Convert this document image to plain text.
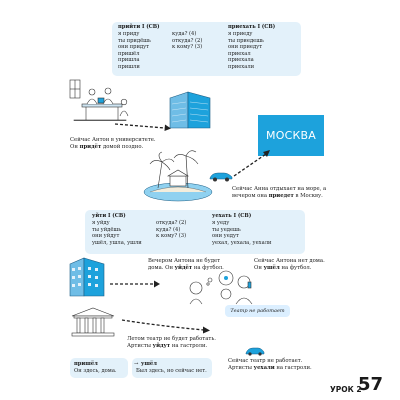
прийти I (СВ)	приехать I (СВ)
я приду
ты придёшь
они придут
пришёл
пришла
пришли
куда? (4)
откуда? (2)
к кому? (3)
я приеду
ты приедешь
они приедут
приехал
приехала
приехали
Сейчас Антон в университете.
Он придёт домой поздно.
МОСКВА
Сейчас Анна отдыхает на море, а
вечером она приедет в Москву.
уйти I (СВ)	уехать I (СВ)
я уйду
ты уйдёшь
они уйдут
ушёл, ушла, ушли
откуда? (2)
куда? (4)
к кому? (3)
я уеду
ты уедешь
они уедут
уехал, уехала, уехали
Вечером Антона не будет
дома. Он уйдёт на футбол.
Сейчас Антона нет дома.
Он ушёл на футбол.
Театр не работает
Летом театр не будет работать.
Артисты уйдут на гастроли.
Сейчас театр не работает.
Артисты уехали на гастроли.
пришёл
Он здесь, дома.
→ ушёл
Был здесь, но сейчас нет.
УРОК 2
57
